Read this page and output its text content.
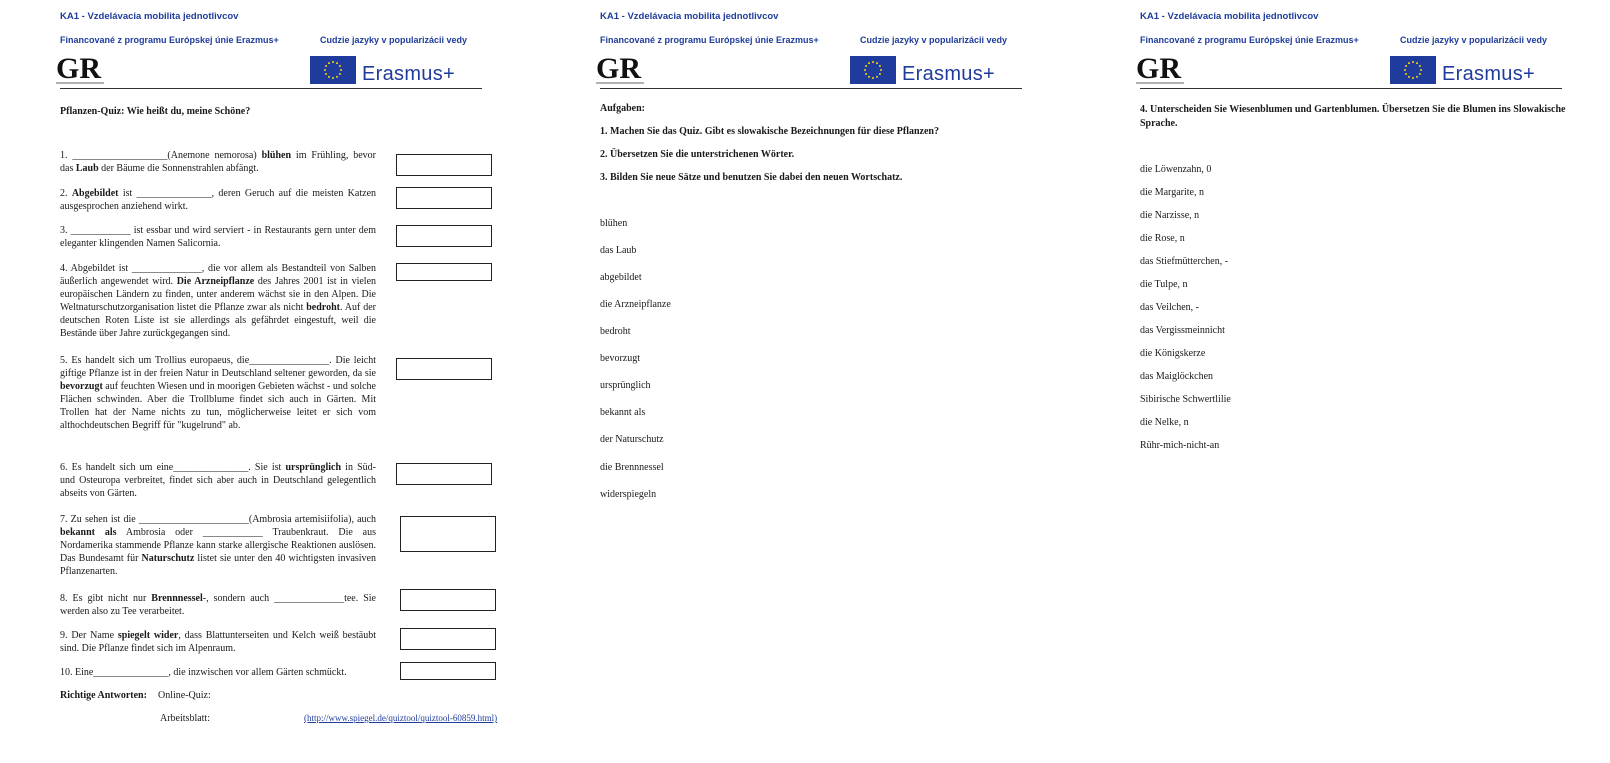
KA1 - Vzdelávacia mobilita jednotlivcov
Financované z programu Európskej únie Erazmus+	Cudzie jazyky v popularizácii vedy
GR	Erasmus+
Pflanzen-Quiz: Wie heißt du, meine Schöne?
1. ___________________(Anemone nemorosa) blühen im Frühling, bevor das Laub der Bäume die Sonnenstrahlen abfängt.
2. Abgebildet ist _______________, deren Geruch auf die meisten Katzen ausgesprochen anziehend wirkt.
3. ____________ ist essbar und wird serviert - in Restaurants gern unter dem eleganter klingenden Namen Salicornia.
4. Abgebildet ist ______________, die vor allem als Bestandteil von Salben äußerlich angewendet wird. Die Arzneipflanze des Jahres 2001 ist in vielen europäischen Ländern zu finden, unter anderem wächst sie in den Alpen. Die Weltnaturschutzorganisation listet die Pflanze zwar als nicht bedroht. Auf der deutschen Roten Liste ist sie allerdings als gefährdet eingestuft, weil die Bestände über Jahre zurückgegangen sind.
5. Es handelt sich um Trollius europaeus, die________________. Die leicht giftige Pflanze ist in der freien Natur in Deutschland seltener geworden, da sie bevorzugt auf feuchten Wiesen und in moorigen Gebieten wächst - und solche Flächen schwinden. Aber die Trollblume findet sich auch in Gärten. Mit Trollen hat der Name nichts zu tun, möglicherweise leitet er sich vom althochdeutschen Begriff für "kugelrund" ab.
6. Es handelt sich um eine_______________. Sie ist ursprünglich in Süd- und Osteuropa verbreitet, findet sich aber auch in Deutschland gelegentlich abseits von Gärten.
7. Zu sehen ist die ______________________(Ambrosia artemisiifolia), auch bekannt als Ambrosia oder ____________ Traubenkraut. Die aus Nordamerika stammende Pflanze kann starke allergische Reaktionen auslösen. Das Bundesamt für Naturschutz listet sie unter den 40 wichtigsten invasiven Pflanzenarten.
8. Es gibt nicht nur Brennnessel-, sondern auch ______________tee. Sie werden also zu Tee verarbeitet.
9. Der Name spiegelt wider, dass Blattunterseiten und Kelch weiß bestäubt sind. Die Pflanze findet sich im Alpenraum.
10. Eine_______________, die inzwischen vor allem Gärten schmückt.
Richtige Antworten: Online-Quiz:
Arbeitsblatt:	(http://www.spiegel.de/quiztool/quiztool-60859.html)
KA1 - Vzdelávacia mobilita jednotlivcov
Financované z programu Európskej únie Erazmus+	Cudzie jazyky v popularizácii vedy
GR	Erasmus+
Aufgaben:
1. Machen Sie das Quiz. Gibt es slowakische Bezeichnungen für diese Pflanzen?
2. Übersetzen Sie die unterstrichenen Wörter.
3. Bilden Sie neue Sätze und benutzen Sie dabei den neuen Wortschatz.
blühen
das Laub
abgebildet
die Arzneipflanze
bedroht
bevorzugt
ursprünglich
bekannt als
der Naturschutz
die Brennnessel
widerspiegeln
KA1 - Vzdelávacia mobilita jednotlivcov
Financované z programu Európskej únie Erazmus+	Cudzie jazyky v popularizácii vedy
GR	Erasmus+
4. Unterscheiden Sie Wiesenblumen und Gartenblumen. Übersetzen Sie die Blumen ins Slowakische Sprache.
die Löwenzahn, 0
die Margarite, n
die Narzisse, n
die Rose, n
das Stiefmütterchen, -
die Tulpe, n
das Veilchen, -
das Vergissmeinnicht
die Königskerze
das Maiglöckchen
Sibirische Schwertlilie
die Nelke, n
Rühr-mich-nicht-an
